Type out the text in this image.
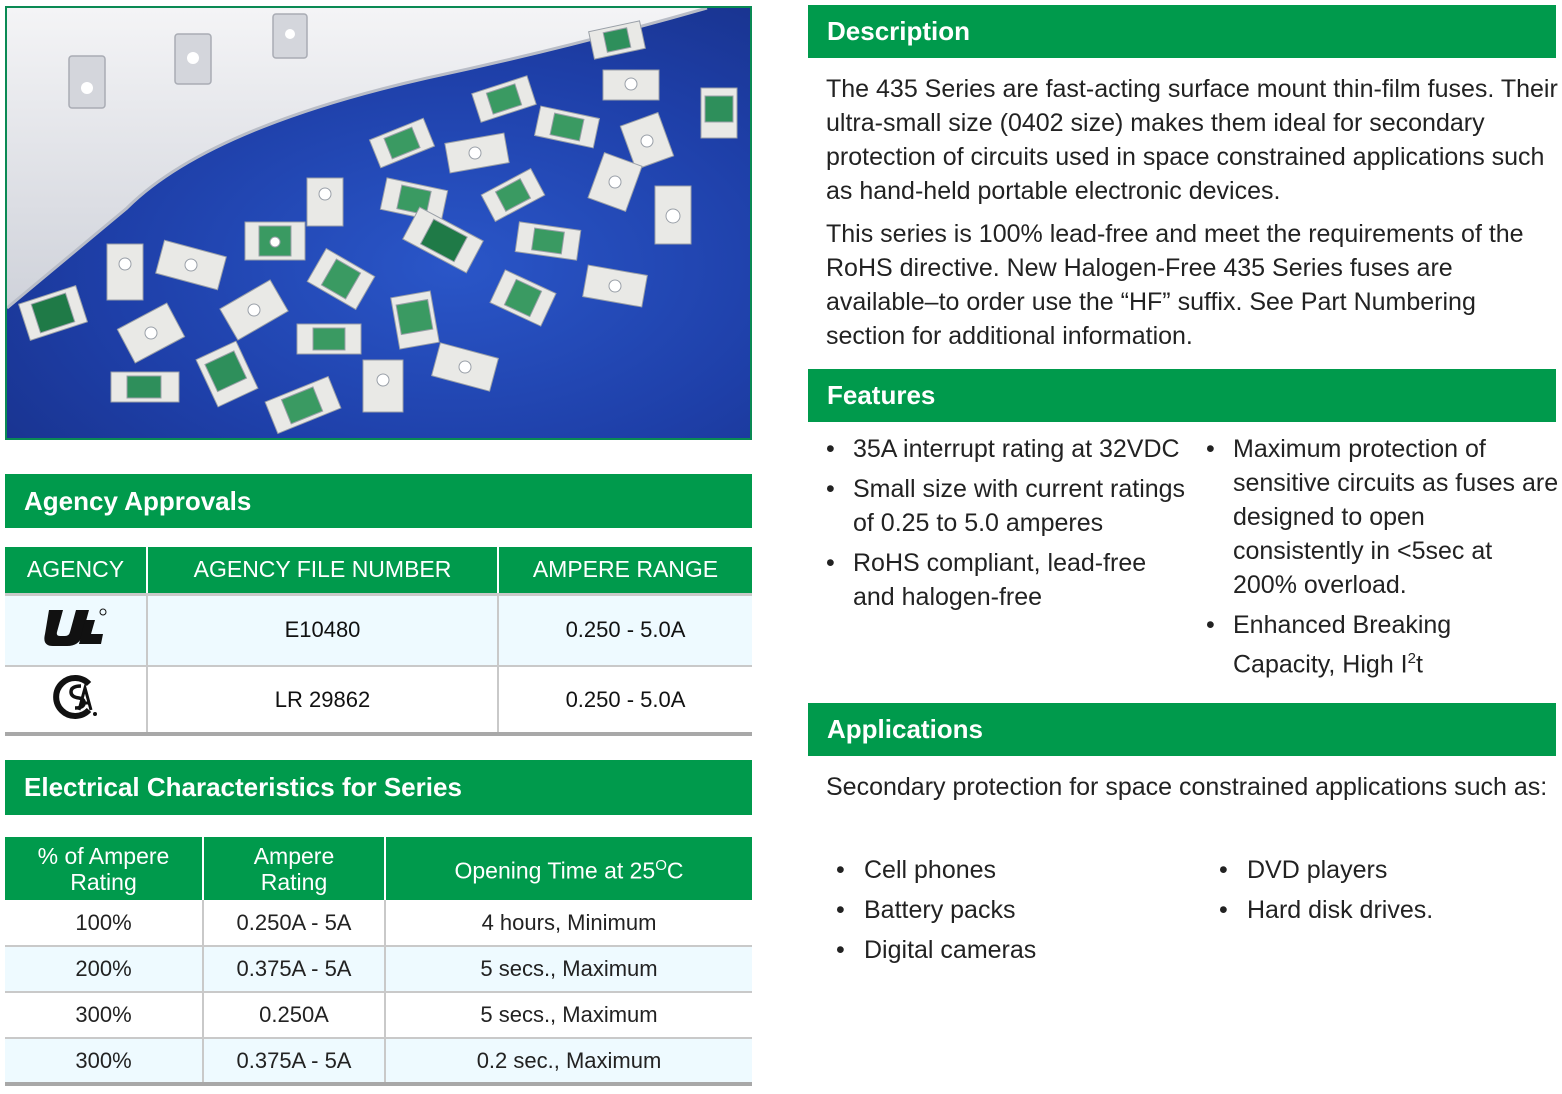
Agency Approvals
AGENCY	AGENCY FILE NUMBER	AMPERE RANGE
	E10480	0.250 - 5.0A
	LR 29862	0.250 - 5.0A
Electrical Characteristics for Series
% of Ampere Rating	Ampere Rating	Opening Time at $25^OC$
100%	0.250A - 5A	4 hours, Minimum
200%	0.375A - 5A	5 secs., Maximum
300%	0.250A	5 secs., Maximum
300%	0.375A - 5A	0.2 sec., Maximum
Description

The 435 Series are fast-acting surface mount thin-film fuses. Their ultra-small size (0402 size) makes them ideal for secondary protection of circuits used in space constrained applications such as hand-held portable electronic devices.

This series is 100% lead-free and meet the requirements of the RoHS directive. New Halogen-Free 435 Series fuses are available–to order use the “HF” suffix. See Part Numbering section for additional information.

Features
• 35A interrupt rating at 32VDC
• Small size with current ratings of 0.25 to 5.0 amperes
• RoHS compliant, lead-free and halogen-free
• Maximum protection of sensitive circuits as fuses are designed to open consistently in <5sec at 200% overload.
• Enhanced Breaking Capacity, High $I^2t$
Applications
Secondary protection for space constrained applications such as:
• Cell phones
• Battery packs
• Digital cameras
• DVD players
• Hard disk drives.
